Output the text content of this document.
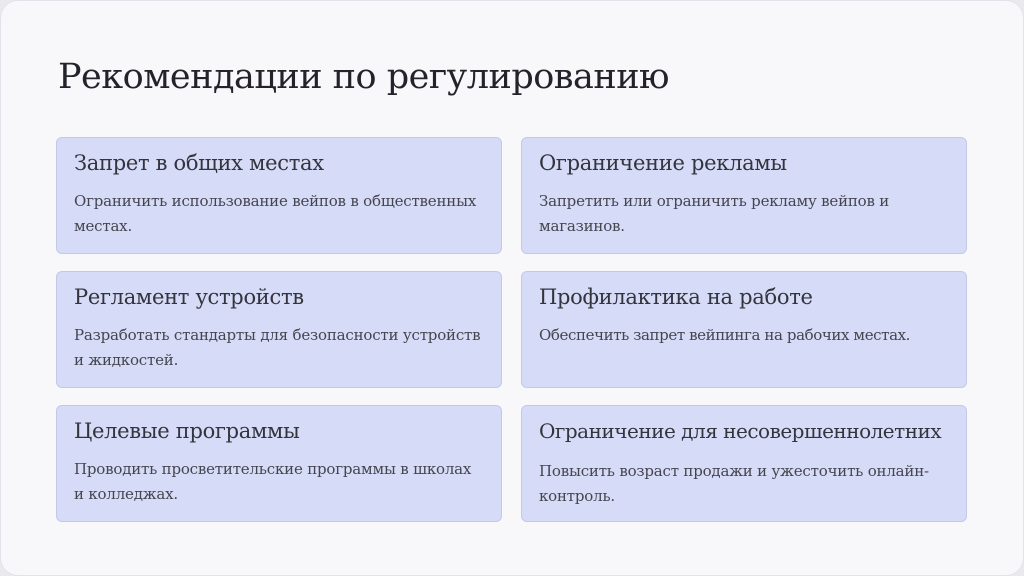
Рекомендации по регулированию
Запрет в общих местах

Ограничить использование вейпов в общественных местах.

Ограничение рекламы

Запретить или ограничить рекламу вейпов и магазинов.

Регламент устройств

Разработать стандарты для безопасности устройств и жидкостей.

Профилактика на работе

Обеспечить запрет вейпинга на рабочих местах.

Целевые программы

Проводить просветительские программы в школах и колледжах.

Ограничение для несовершеннолетних

Повысить возраст продажи и ужесточить онлайн-контроль.
